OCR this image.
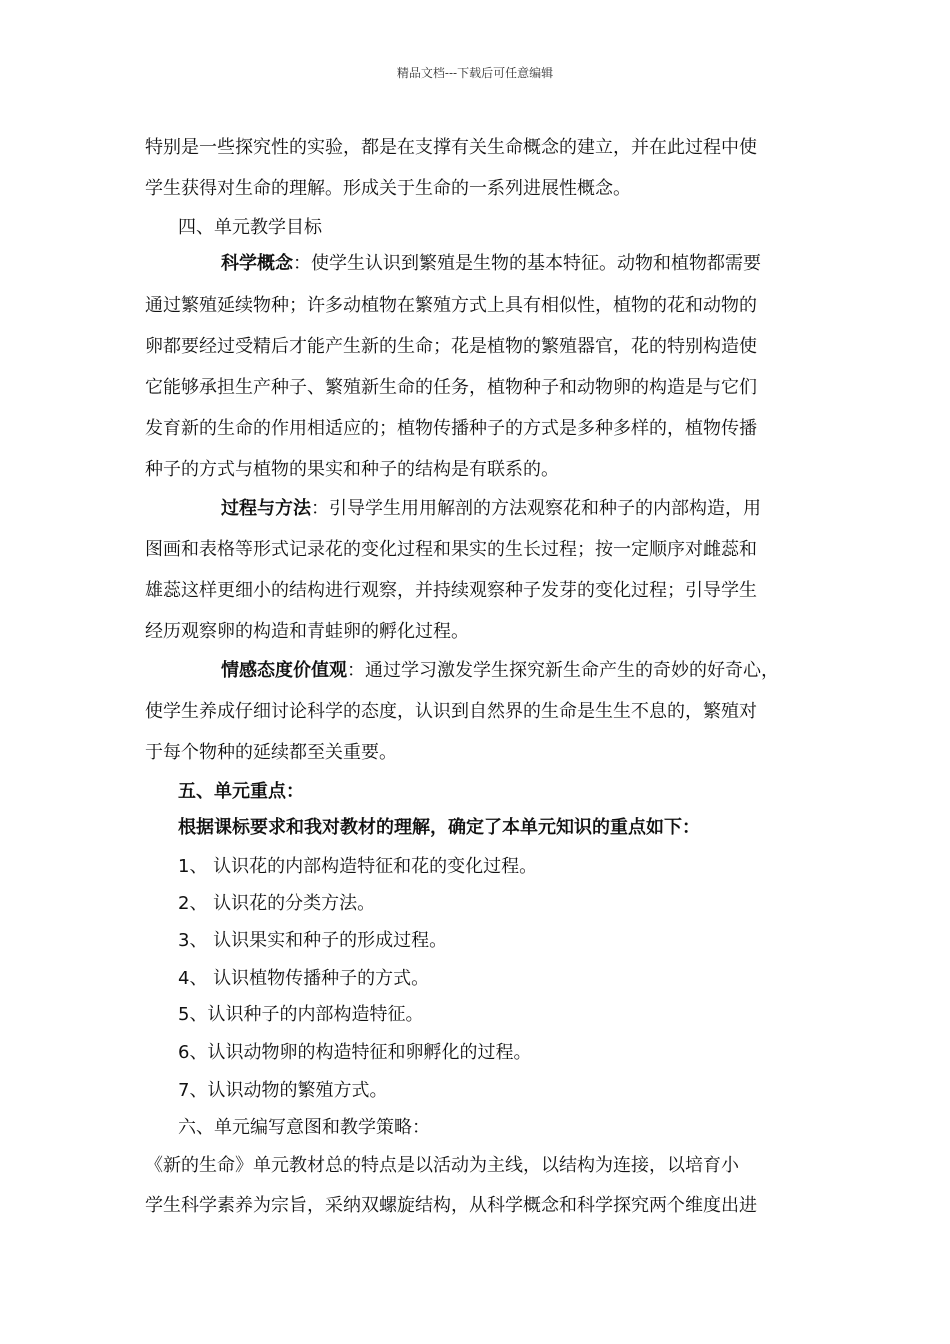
精品文档---下载后可任意编辑
特别是一些探究性的实验，都是在支撑有关生命概念的建立，并在此过程中使
学生获得对生命的理解。形成关于生命的一系列进展性概念。
四、单元教学目标
科学概念：使学生认识到繁殖是生物的基本特征。动物和植物都需要
通过繁殖延续物种；许多动植物在繁殖方式上具有相似性，植物的花和动物的
卵都要经过受精后才能产生新的生命；花是植物的繁殖器官，花的特别构造使
它能够承担生产种子、繁殖新生命的任务，植物种子和动物卵的构造是与它们
发育新的生命的作用相适应的；植物传播种子的方式是多种多样的，植物传播
种子的方式与植物的果实和种子的结构是有联系的。
过程与方法：引导学生用用解剖的方法观察花和种子的内部构造，用
图画和表格等形式记录花的变化过程和果实的生长过程；按一定顺序对雌蕊和
雄蕊这样更细小的结构进行观察，并持续观察种子发芽的变化过程；引导学生
经历观察卵的构造和青蛙卵的孵化过程。
情感态度价值观：通过学习激发学生探究新生命产生的奇妙的好奇心，
使学生养成仔细讨论科学的态度，认识到自然界的生命是生生不息的，繁殖对
于每个物种的延续都至关重要。
五、单元重点：
根据课标要求和我对教材的理解，确定了本单元知识的重点如下：
1、 认识花的内部构造特征和花的变化过程。
2、 认识花的分类方法。
3、 认识果实和种子的形成过程。
4、 认识植物传播种子的方式。
5、认识种子的内部构造特征。
6、认识动物卵的构造特征和卵孵化的过程。
7、认识动物的繁殖方式。
六、单元编写意图和教学策略：
《新的生命》单元教材总的特点是以活动为主线，以结构为连接，以培育小
学生科学素养为宗旨，采纳双螺旋结构，从科学概念和科学探究两个维度出进
